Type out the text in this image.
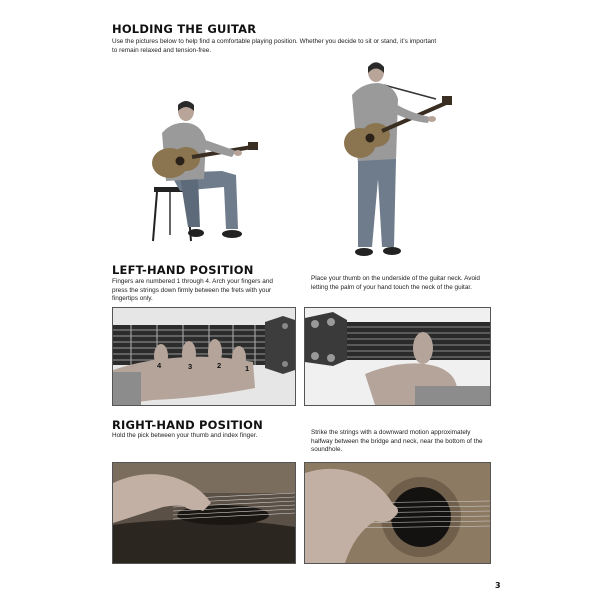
HOLDING THE GUITAR

Use the pictures below to help find a comfortable playing position. Whether you decide to sit or stand, it’s important
to remain relaxed and tension-free.

LEFT-HAND POSITION

Fingers are numbered 1 through 4. Arch your fingers and
press the strings down firmly between the frets with your
fingertips only.

Place your thumb on the underside of the guitar neck. Avoid
letting the palm of your hand touch the neck of the guitar.

4	3	2	1
RIGHT-HAND POSITION

Hold the pick between your thumb and index finger.	Strike the strings with a downward motion approximately
halfway between the bridge and neck, near the bottom of the
soundhole.

3
